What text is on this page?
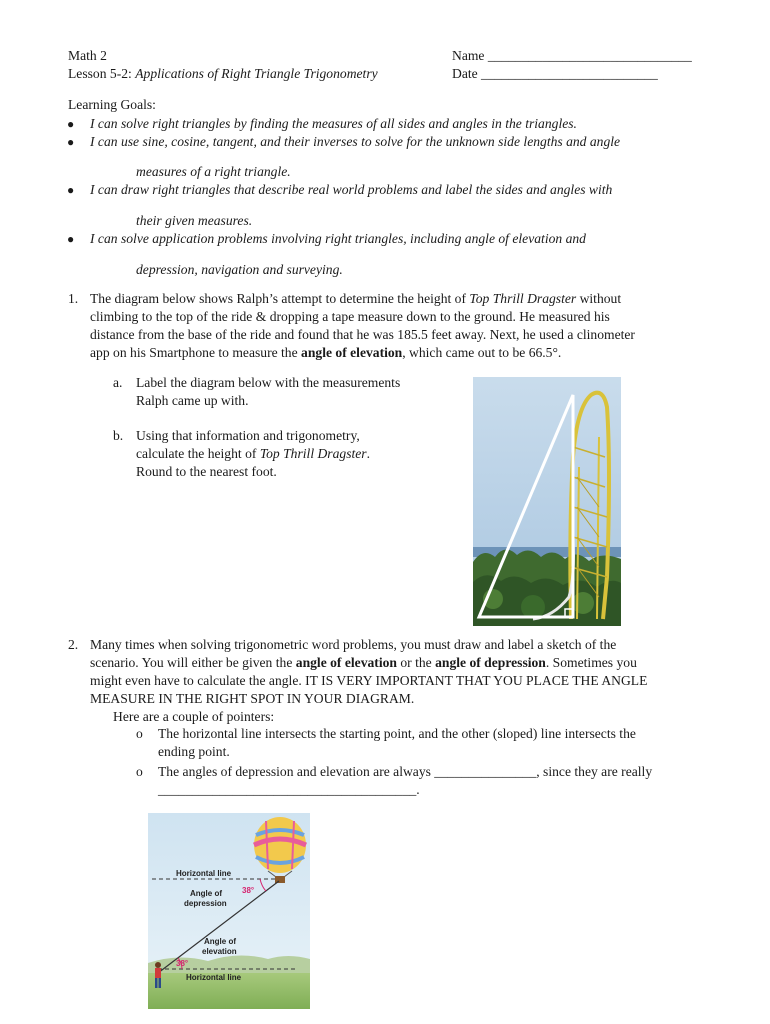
Math 2
Lesson 5-2: Applications of Right Triangle Trigonometry
Name ______________________________
Date __________________________
Learning Goals:
● I can solve right triangles by finding the measures of all sides and angles in the triangles.
● I can use sine, cosine, tangent, and their inverses to solve for the unknown side lengths and angle
measures of a right triangle.
● I can draw right triangles that describe real world problems and label the sides and angles with
their given measures.
● I can solve application problems involving right triangles, including angle of elevation and
depression, navigation and surveying.
1. The diagram below shows Ralph’s attempt to determine the height of Top Thrill Dragster without
climbing to the top of the ride & dropping a tape measure down to the ground. He measured his
distance from the base of the ride and found that he was 185.5 feet away. Next, he used a clinometer
app on his Smartphone to measure the angle of elevation, which came out to be 66.5°.
a. Label the diagram below with the measurements
Ralph came up with.
b. Using that information and trigonometry,
calculate the height of Top Thrill Dragster.
Round to the nearest foot.
2. Many times when solving trigonometric word problems, you must draw and label a sketch of the
scenario. You will either be given the angle of elevation or the angle of depression. Sometimes you
might even have to calculate the angle. IT IS VERY IMPORTANT THAT YOU PLACE THE ANGLE
MEASURE IN THE RIGHT SPOT IN YOUR DIAGRAM.
Here are a couple of pointers:
o The horizontal line intersects the starting point, and the other (sloped) line intersects the
ending point.
o The angles of depression and elevation are always _______________, since they are really
______________________________________.
Horizontal line
Angle of
depression
38°
Angle of
elevation
38°
Horizontal line
